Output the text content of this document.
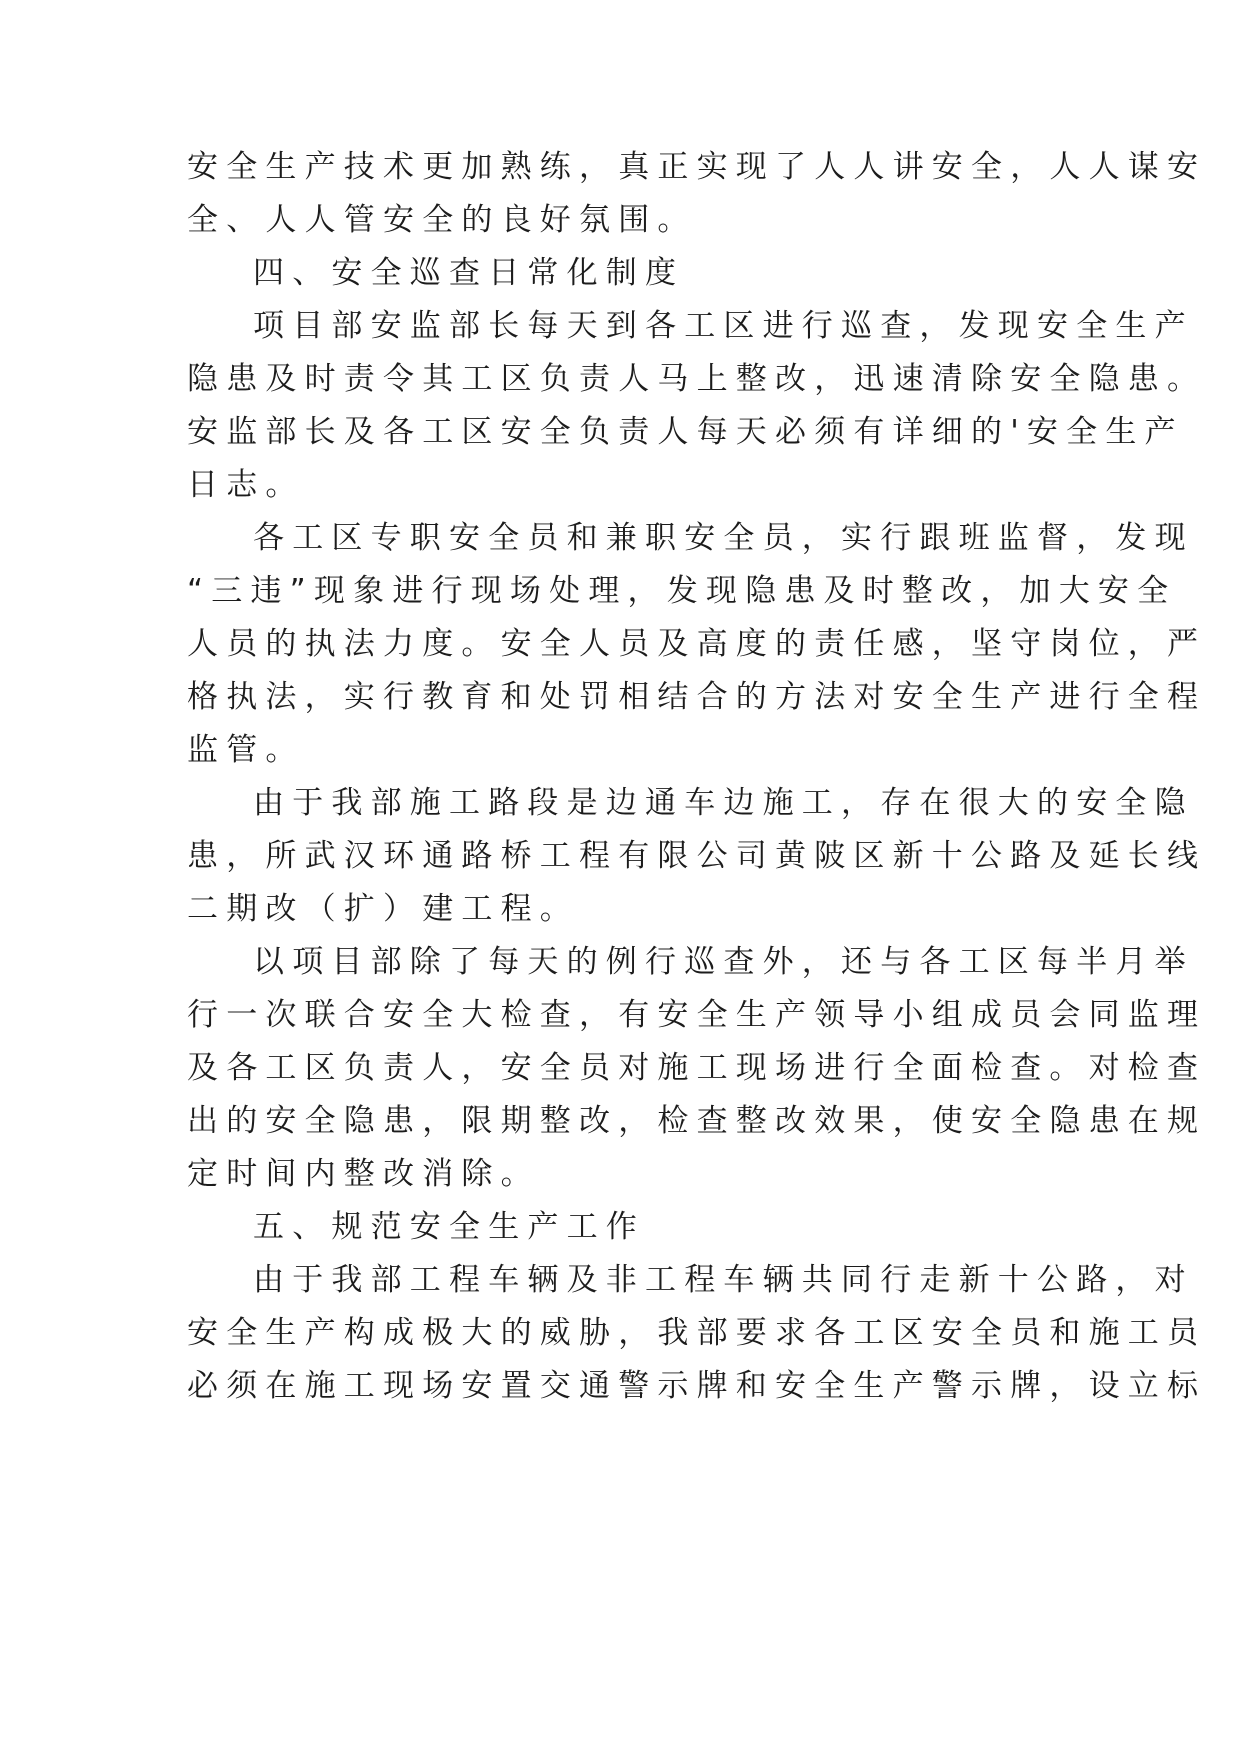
安全生产技术更加熟练，真正实现了人人讲安全，人人谋安
全、人人管安全的良好氛围。
四、安全巡查日常化制度
项目部安监部长每天到各工区进行巡查，发现安全生产
隐患及时责令其工区负责人马上整改，迅速清除安全隐患。
安监部长及各工区安全负责人每天必须有详细的'安全生产
日志。
各工区专职安全员和兼职安全员，实行跟班监督，发现
“三违”现象进行现场处理，发现隐患及时整改，加大安全
人员的执法力度。安全人员及高度的责任感，坚守岗位，严
格执法，实行教育和处罚相结合的方法对安全生产进行全程
监管。
由于我部施工路段是边通车边施工，存在很大的安全隐
患，所武汉环通路桥工程有限公司黄陂区新十公路及延长线
二期改（扩）建工程。
以项目部除了每天的例行巡查外，还与各工区每半月举
行一次联合安全大检查，有安全生产领导小组成员会同监理
及各工区负责人，安全员对施工现场进行全面检查。对检查
出的安全隐患，限期整改，检查整改效果，使安全隐患在规
定时间内整改消除。
五、规范安全生产工作
由于我部工程车辆及非工程车辆共同行走新十公路，对
安全生产构成极大的威胁，我部要求各工区安全员和施工员
必须在施工现场安置交通警示牌和安全生产警示牌，设立标
